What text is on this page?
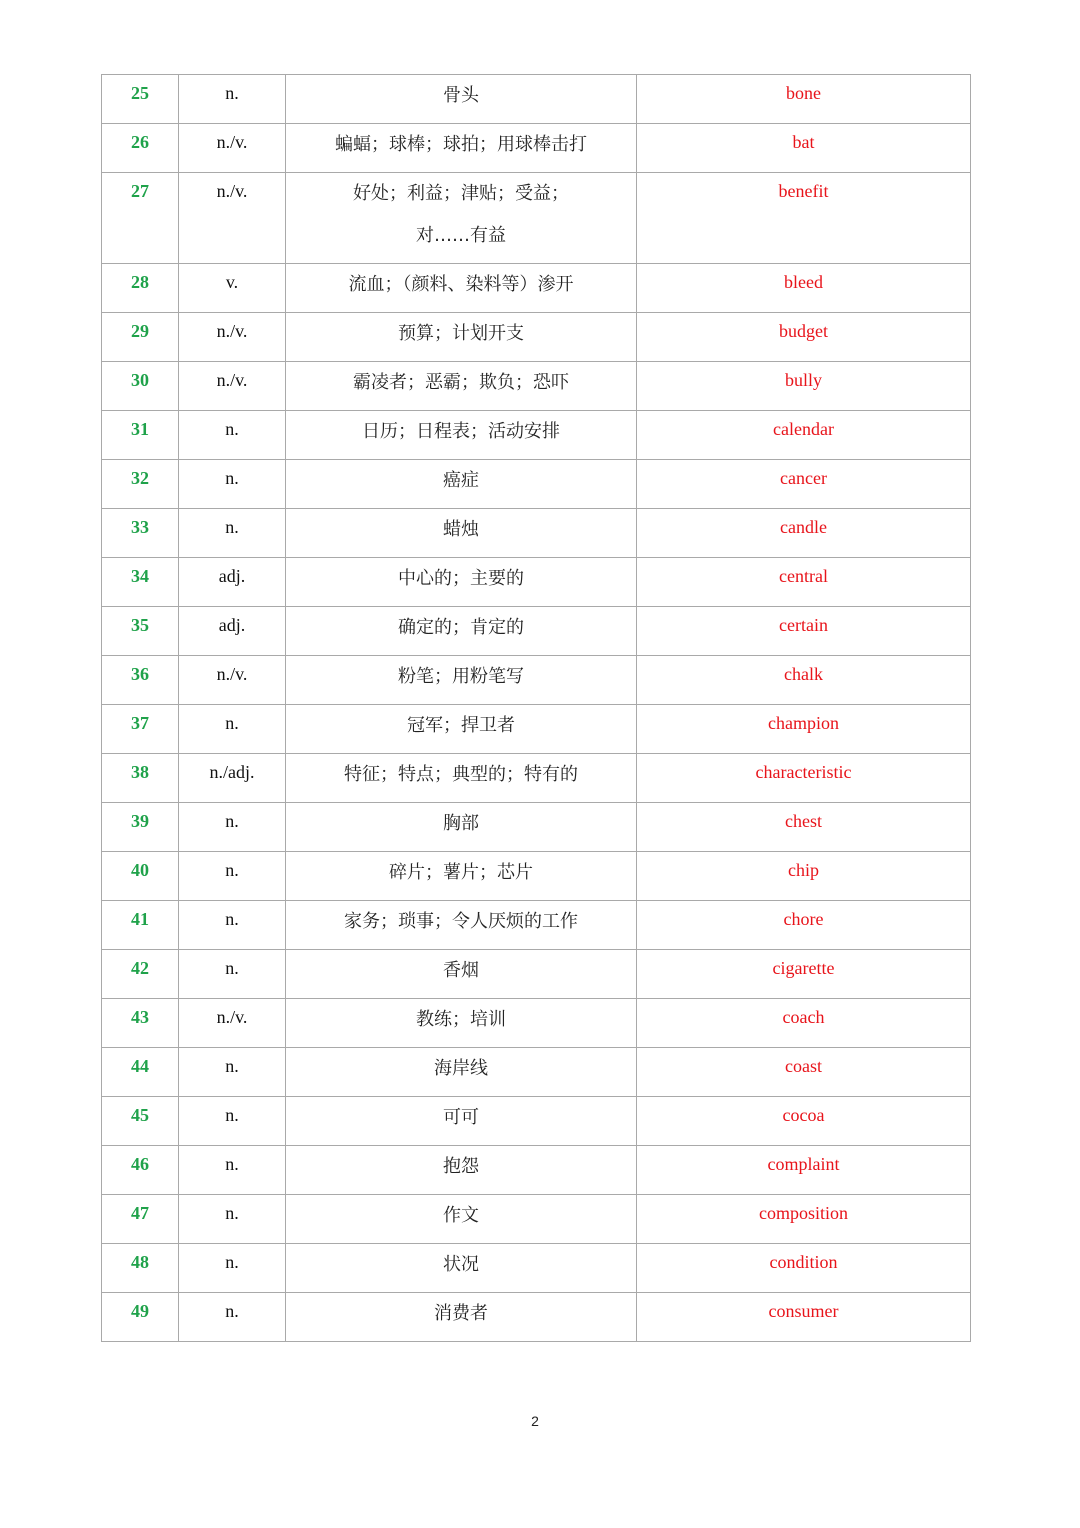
25	n.	骨头	bone

26	n./v.	蝙蝠；球棒；球拍；用球棒击打	bat

27	n./v.	好处；利益；津贴；受益；
对……有益	benefit

28	v.	流血；（颜料、染料等）渗开	bleed

29	n./v.	预算；计划开支	budget

30	n./v.	霸凌者；恶霸；欺负；恐吓	bully

31	n.	日历；日程表；活动安排	calendar

32	n.	癌症	cancer

33	n.	蜡烛	candle

34	adj.	中心的；主要的	central

35	adj.	确定的；肯定的	certain

36	n./v.	粉笔；用粉笔写	chalk

37	n.	冠军；捍卫者	champion

38	n./adj.	特征；特点；典型的；特有的	characteristic

39	n.	胸部	chest

40	n.	碎片；薯片；芯片	chip

41	n.	家务；琐事；令人厌烦的工作	chore

42	n.	香烟	cigarette

43	n./v.	教练；培训	coach

44	n.	海岸线	coast

45	n.	可可	cocoa

46	n.	抱怨	complaint

47	n.	作文	composition

48	n.	状况	condition

49	n.	消费者	consumer
2
